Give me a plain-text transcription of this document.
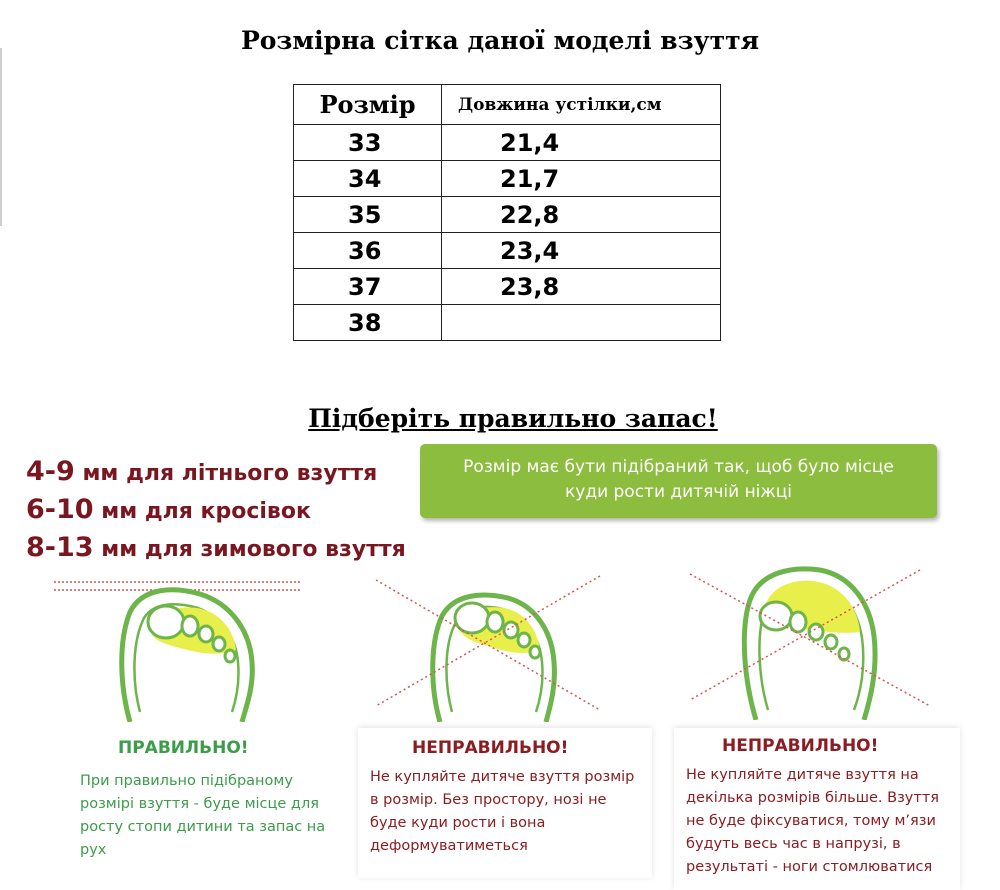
Розмірна сітка даної моделі взуття
Розмір	Довжина устілки,см
33	21,4
34	21,7
35	22,8
36	23,4
37	23,8
38	
Підберіть правильно запас!
4-9 мм для літнього взуття
6-10 мм для кросівок
8-13 мм для зимового взуття
Розмір має бути підібраний так, щоб було місце
куди рости дитячій ніжці
ПРАВИЛЬНО!	НЕПРАВИЛЬНО!	НЕПРАВИЛЬНО!
При правильно підібраному розмірі взуття - буде місце для росту стопи дитини та запас на рух
Не купляйте дитяче взуття розмір в розмір. Без простору, нозі не буде куди рости і вона деформуватиметься
Не купляйте дитяче взуття на декілька розмірів більше. Взуття не буде фіксуватися, тому м’язи будуть весь час в напрузі, в результаті - ноги стомлюватися
